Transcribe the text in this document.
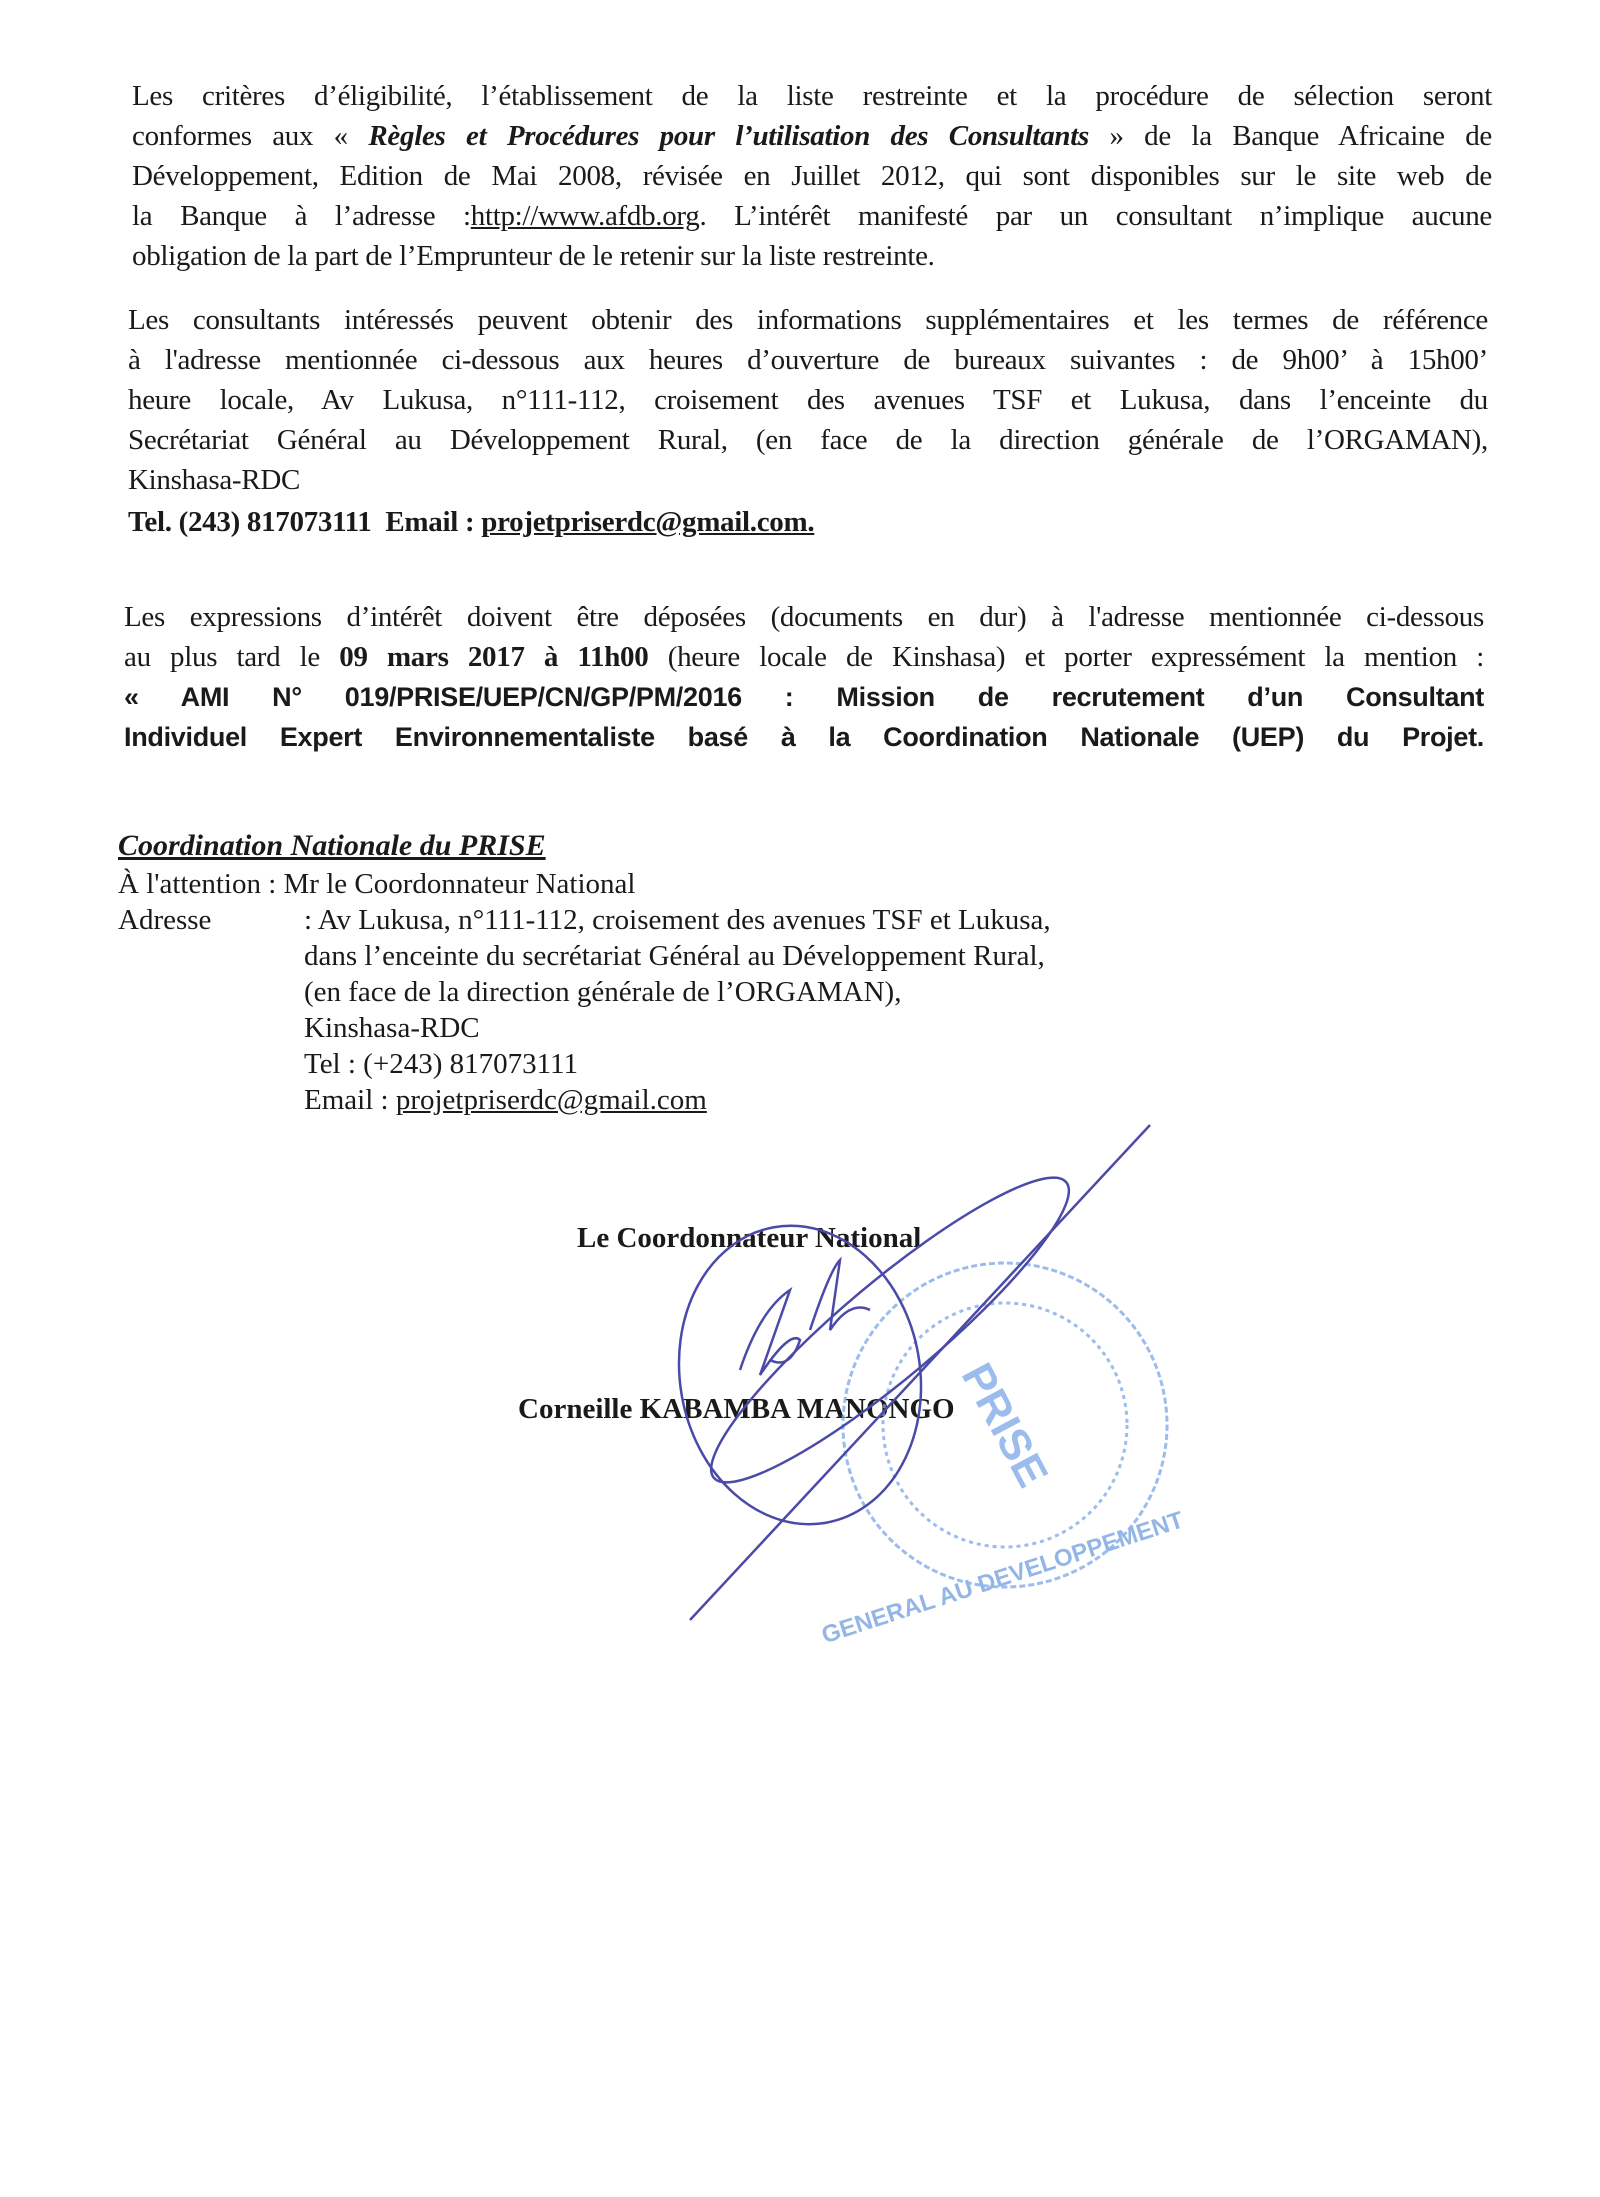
Les critères d’éligibilité, l’établissement de la liste restreinte et la procédure de sélection seront
conformes aux « Règles et Procédures pour l’utilisation des Consultants » de la Banque Africaine de
Développement, Edition de Mai 2008, révisée en Juillet 2012, qui sont disponibles sur le site web de
la Banque à l’adresse :http://www.afdb.org. L’intérêt manifesté par un consultant n’implique aucune
obligation de la part de l’Emprunteur de le retenir sur la liste restreinte.
Les consultants intéressés peuvent obtenir des informations supplémentaires et les termes de référence
à l'adresse mentionnée ci-dessous aux heures d’ouverture de bureaux suivantes : de 9h00’ à 15h00’
heure locale, Av Lukusa, n°111-112, croisement des avenues TSF et Lukusa, dans l’enceinte du
Secrétariat Général au Développement Rural, (en face de la direction générale de l’ORGAMAN),
Kinshasa-RDC
Tel. (243) 817073111 Email : projetpriserdc@gmail.com.
Les expressions d’intérêt doivent être déposées (documents en dur) à l'adresse mentionnée ci-dessous
au plus tard le 09 mars 2017 à 11h00 (heure locale de Kinshasa) et porter expressément la mention :
« AMI N° 019/PRISE/UEP/CN/GP/PM/2016 : Mission de recrutement d’un Consultant
Individuel Expert Environnementaliste basé à la Coordination Nationale (UEP) du Projet.
Coordination Nationale du PRISE
À l'attention :
Mr le Coordonnateur National
Adresse	: Av Lukusa, n°111-112, croisement des avenues TSF et Lukusa,
dans l’enceinte du secrétariat Général au Développement Rural,
(en face de la direction générale de l’ORGAMAN),
Kinshasa-RDC
Tel : (+243) 817073111
Email : projetpriserdc@gmail.com
Le Coordonnateur National
Corneille KABAMBA MANONGO
PRISE
GENERAL AU DEVELOPPEMENT
